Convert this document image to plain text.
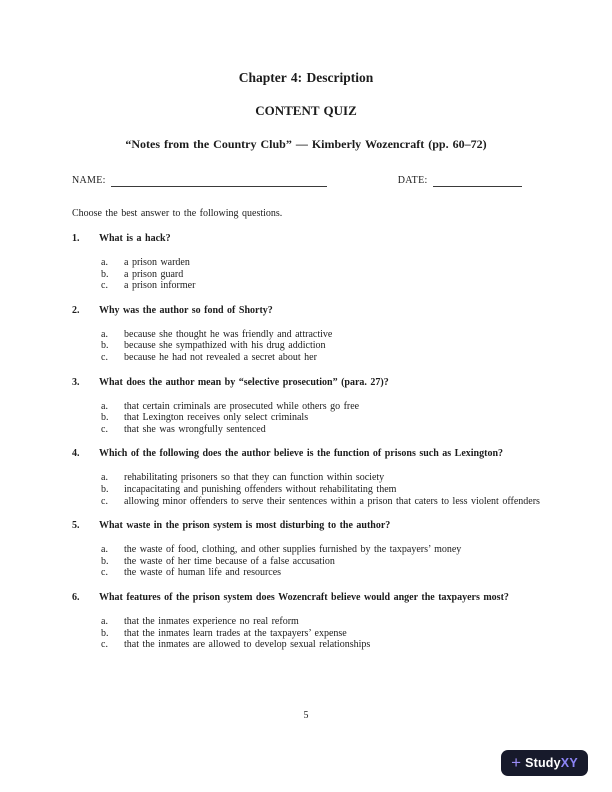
Chapter 4: Description
CONTENT QUIZ
“Notes from the Country Club” — Kimberly Wozencraft (pp. 60–72)
NAME:	DATE:

Choose the best answer to the following questions.

1.	What is a hack?
a.	a prison warden
b.	a prison guard
c.	a prison informer
2.	Why was the author so fond of Shorty?
a.	because she thought he was friendly and attractive
b.	because she sympathized with his drug addiction
c.	because he had not revealed a secret about her
3.	What does the author mean by “selective prosecution” (para. 27)?
a.	that certain criminals are prosecuted while others go free
b.	that Lexington receives only select criminals
c.	that she was wrongfully sentenced
4.	Which of the following does the author believe is the function of prisons such as Lexington?
a.	rehabilitating prisoners so that they can function within society
b.	incapacitating and punishing offenders without rehabilitating them
c.	allowing minor offenders to serve their sentences within a prison that caters to less violent offenders
5.	What waste in the prison system is most disturbing to the author?
a.	the waste of food, clothing, and other supplies furnished by the taxpayers’ money
b.	the waste of her time because of a false accusation
c.	the waste of human life and resources
6.	What features of the prison system does Wozencraft believe would anger the taxpayers most?
a.	that the inmates experience no real reform
b.	that the inmates learn trades at the taxpayers’ expense
c.	that the inmates are allowed to develop sexual relationships
5
+ Study XY
